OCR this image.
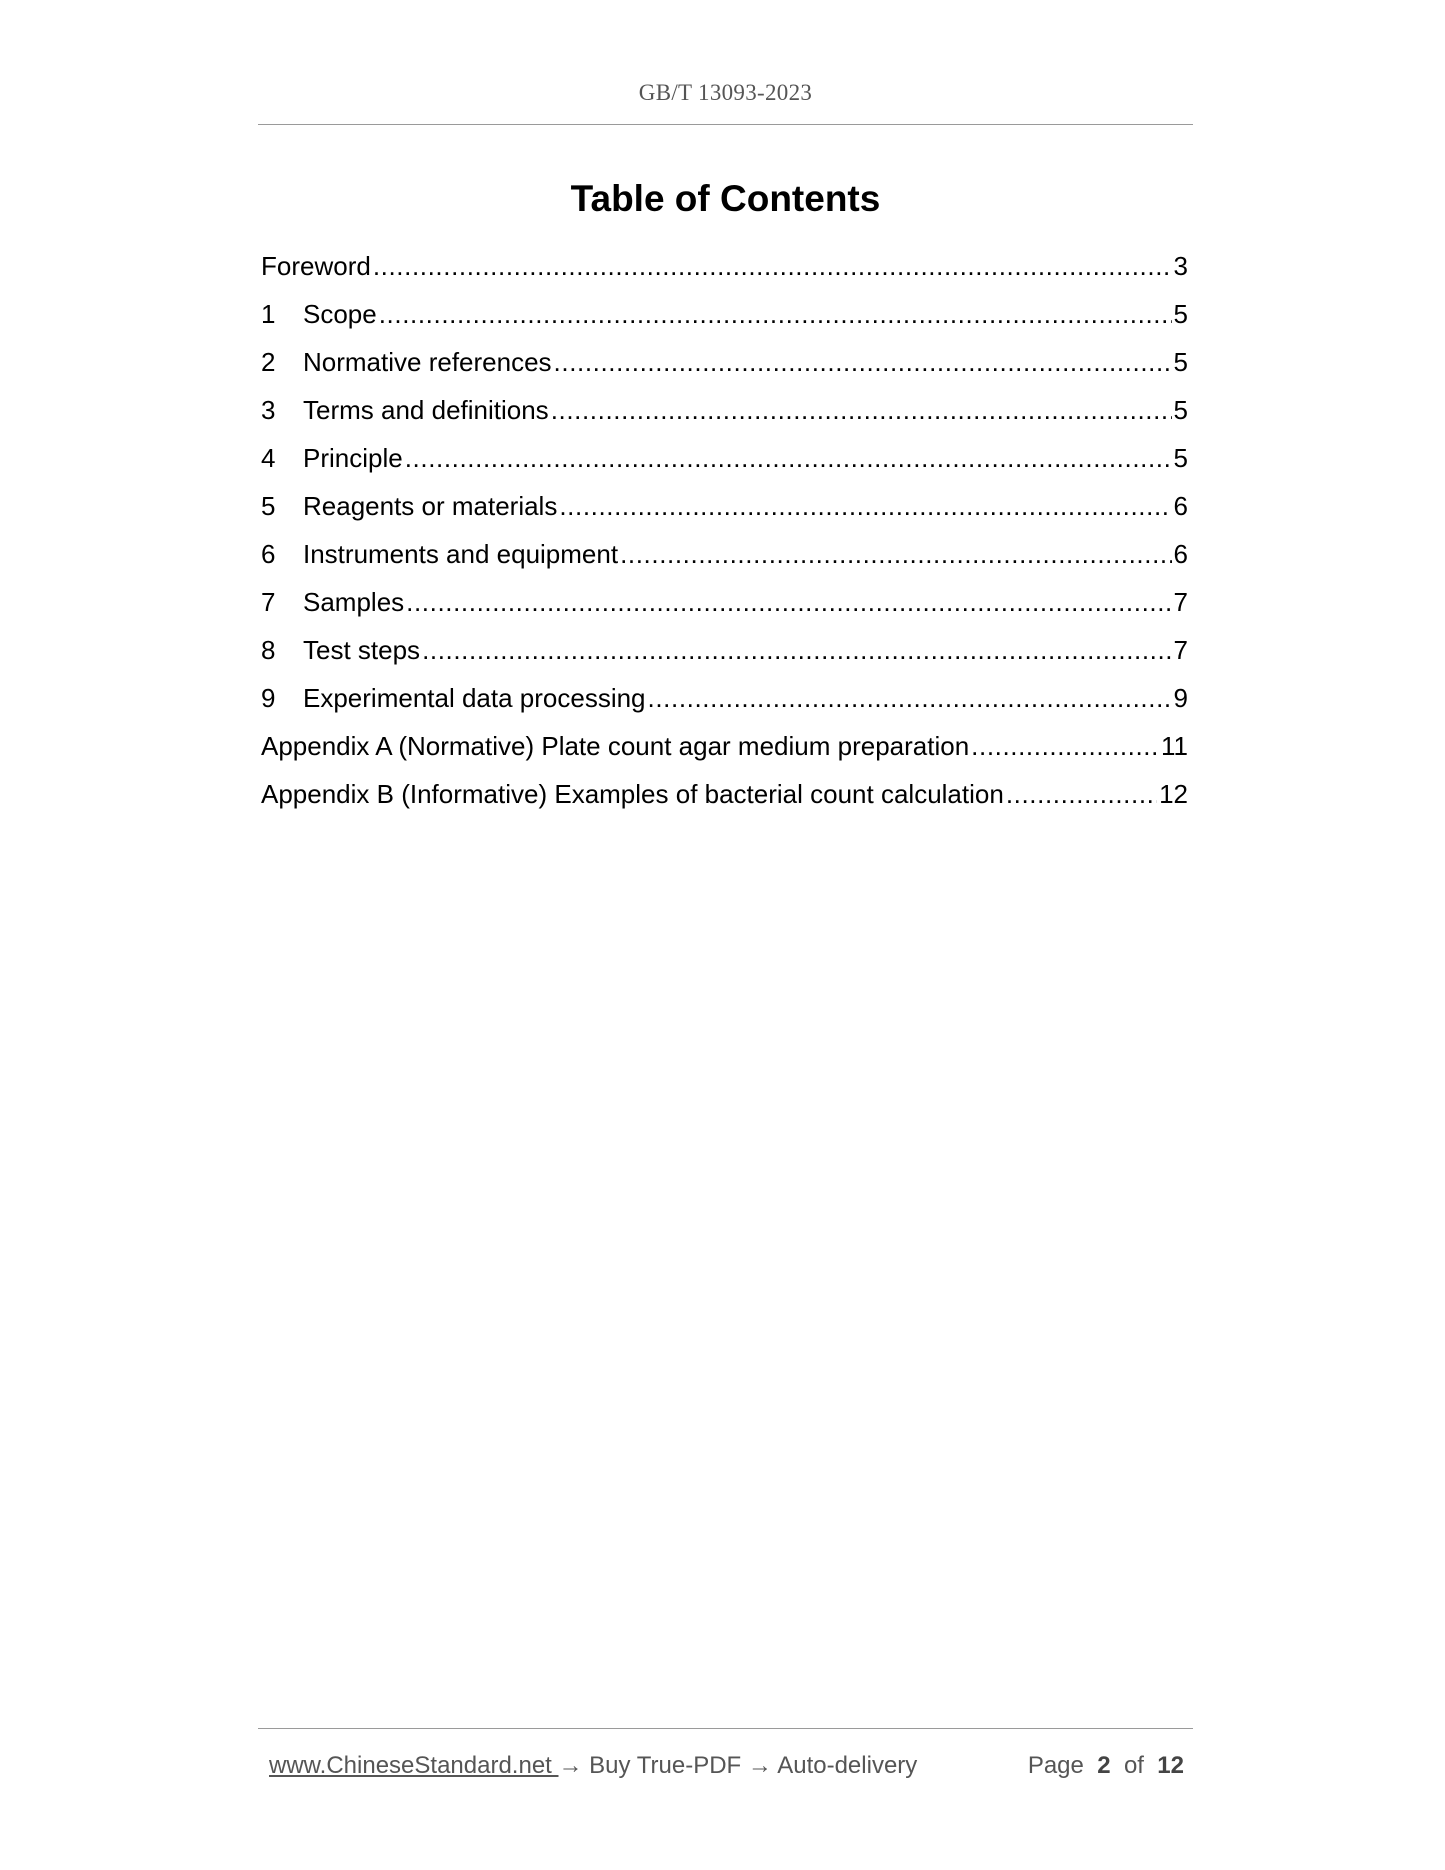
GB/T 13093-2023
Table of Contents
Foreword .....	3
1	Scope .....	5
2	Normative references .....	5
3	Terms and definitions .....	5
4	Principle .....	5
5	Reagents or materials .....	6
6	Instruments and equipment .....	6
7	Samples .....	7
8	Test steps .....	7
9	Experimental data processing .....	9
Appendix A (Normative) Plate count agar medium preparation .....	11
Appendix B (Informative) Examples of bacterial count calculation .....	12
www.ChineseStandard.net → Buy True-PDF → Auto-delivery	Page 2 of 12
